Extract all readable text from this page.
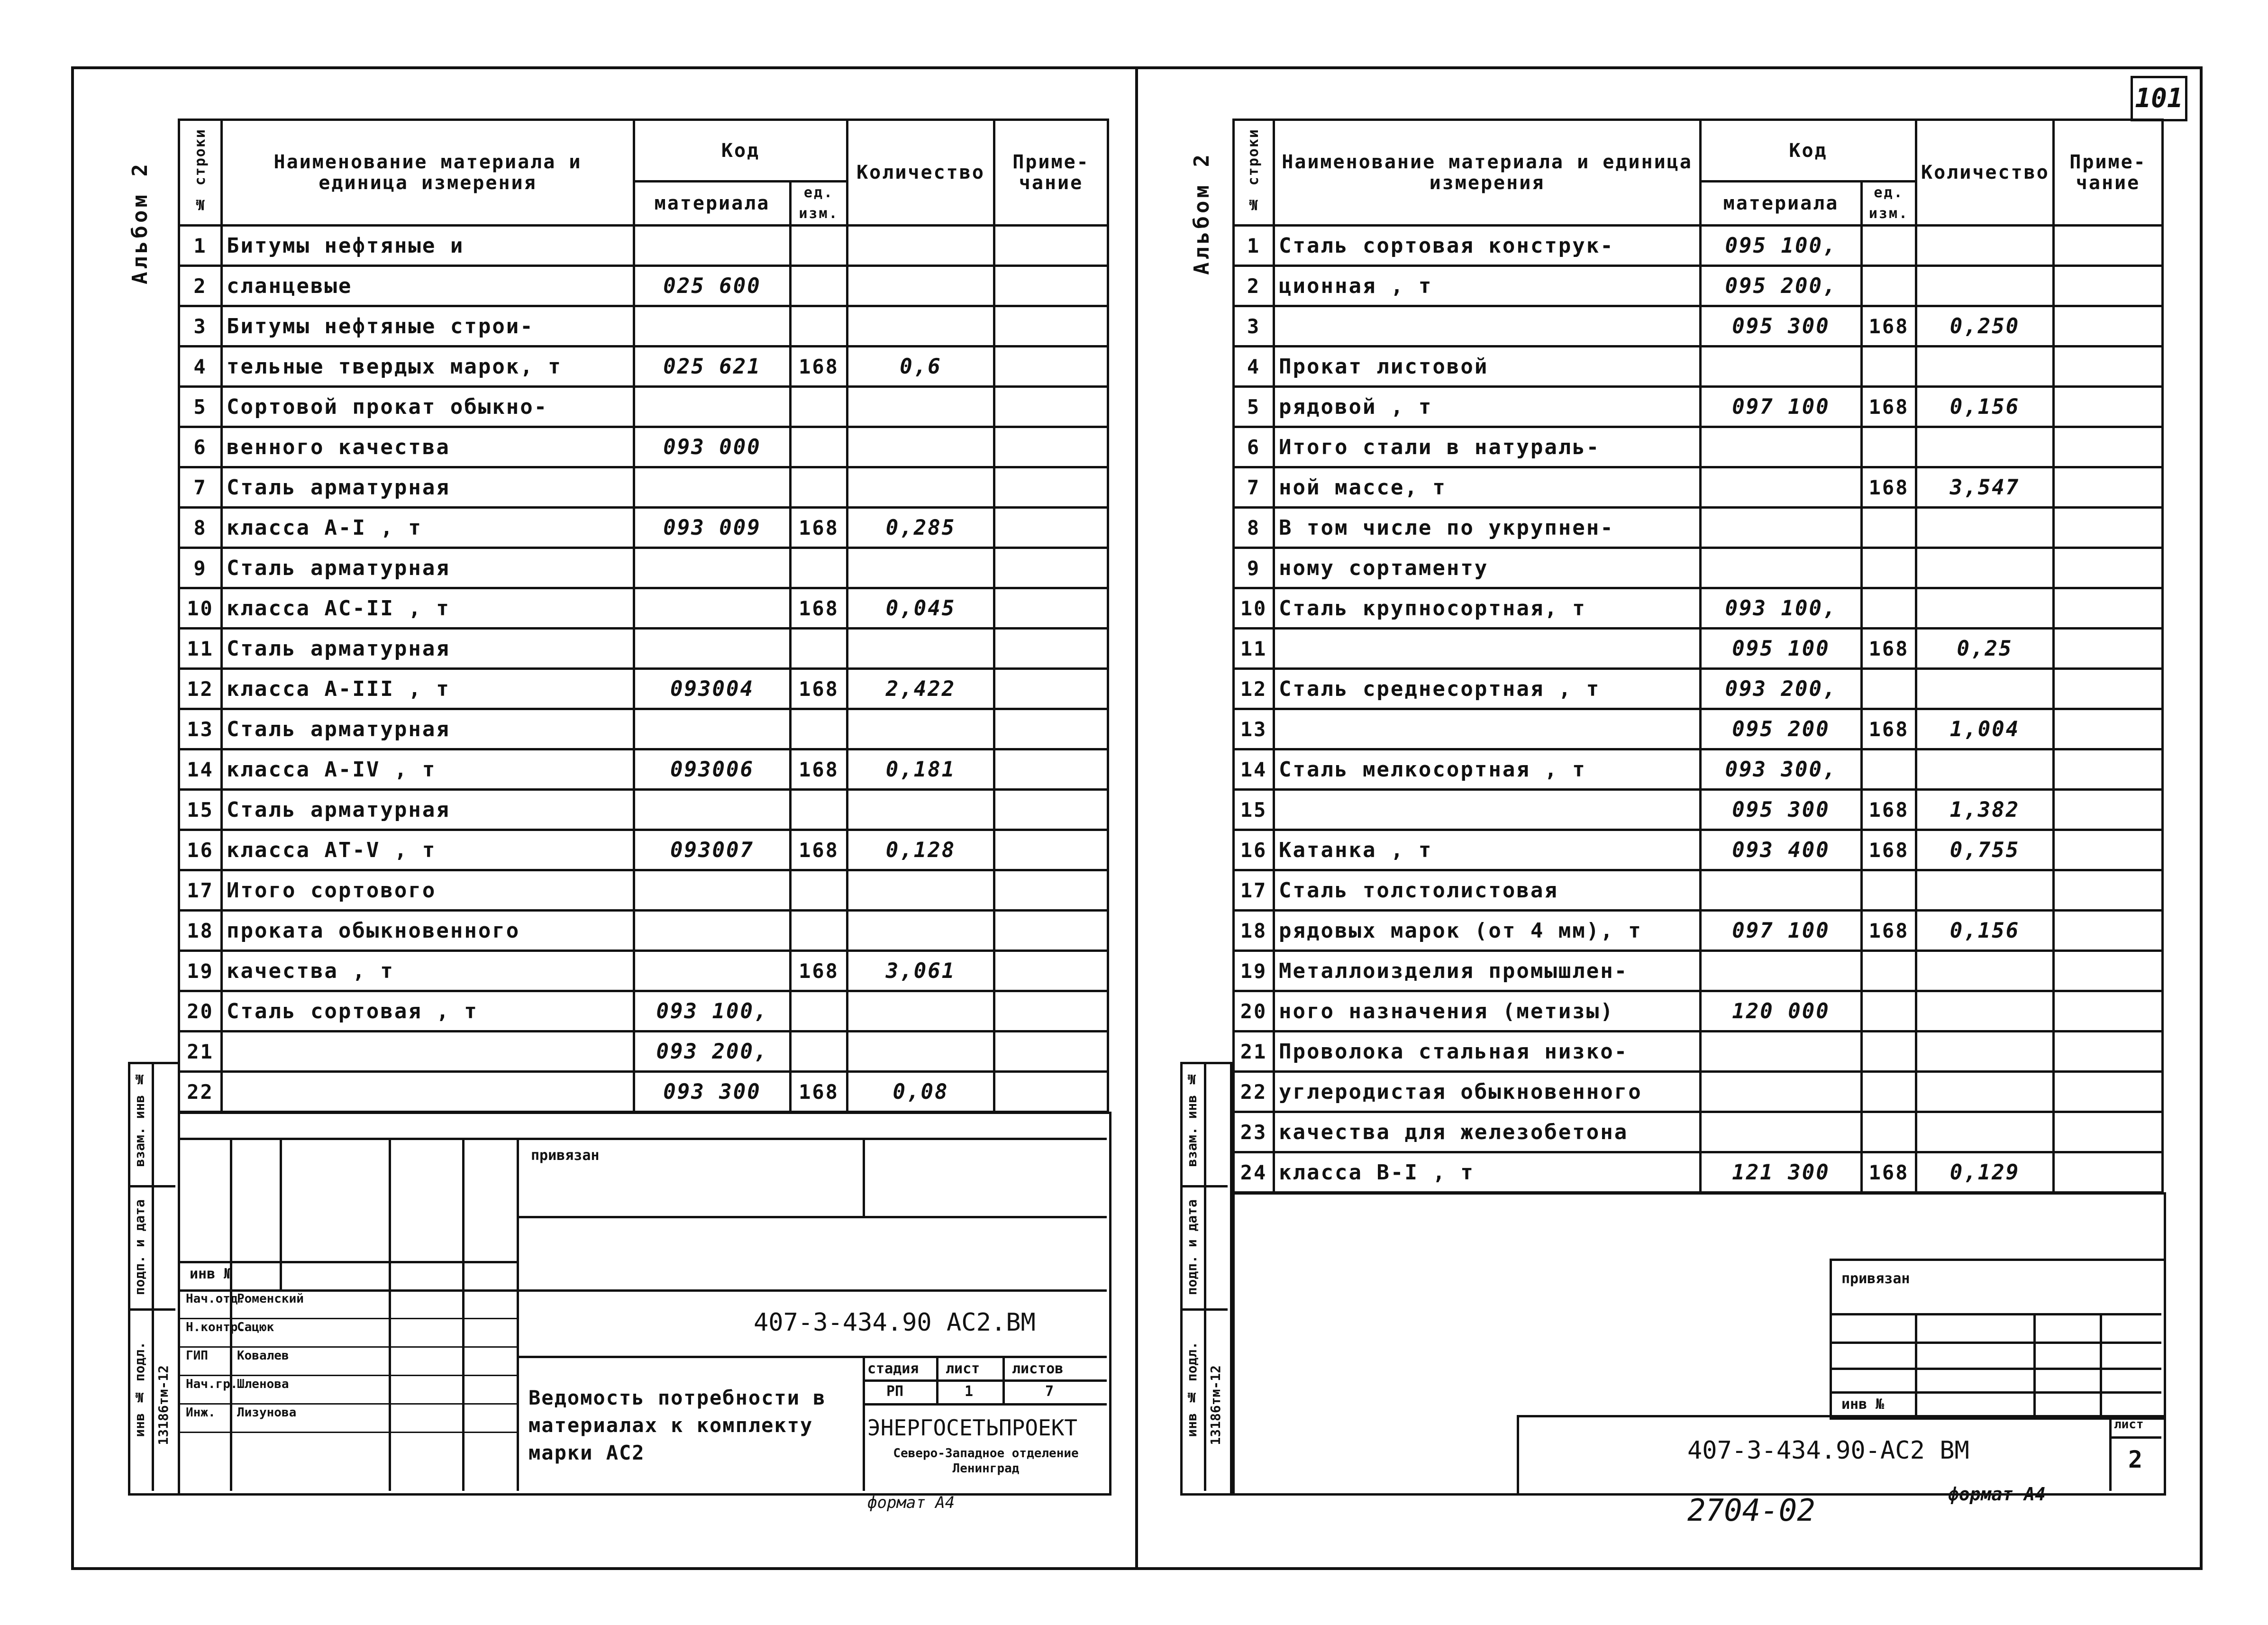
Альбом 2	№ строки	Наименование материала и единица измерения	Код		Количество	Приме-чание
		материала	ед. изм.		
1	Битумы нефтяные и				
2	сланцевые	025 600			
3	Битумы нефтяные строи-				
4	тельные твердых марок, т	025 621	168	0,6	
5	Сортовой прокат обыкно-				
6	венного качества	093 000			
7	Сталь арматурная				
8	класса А-I , т	093 009	168	0,285	
9	Сталь арматурная				
10	класса АС-II , т		168	0,045	
11	Сталь арматурная				
12	класса А-III , т	093004	168	2,422	
13	Сталь арматурная				
14	класса А-IV , т	093006	168	0,181	
15	Сталь арматурная				
16	класса АТ-V , т	093007	168	0,128	
17	Итого сортового				
18	проката обыкновенного				
19	качества , т		168	3,061	
20	Сталь сортовая , т	093 100,			
21		093 200,			
22		093 300	168	0,08	
привязан
инв №
407-3-434.90 АС2.ВМ
Нач.отд.
Роменский
Н.контр.
Сацюк
ГИП Ковалев
Нач.гр.
Шленова
Инж. Лизунова
Ведомость потребности в материалах к комплекту марки АС2
стадия лист листов
РП	1	7
ЭНЕРГОСЕТЬПРОЕКТ
Северо-Западное отделение Ленинград
формат А4
взам. инв №
подп. и дата
инв № подл. 13186тм-12
101
Альбом 2 № строки	Наименование материала и единица измерения	Код		Количество	Приме-чание
		материала	ед. изм.		
1	Сталь сортовая конструк-	095 100,			
2	ционная , т	095 200,			
3		095 300	168	0,250	
4	Прокат листовой				
5	рядовой , т	097 100	168	0,156	
6	Итого стали в натураль-				
7	ной массе, т		168	3,547	
8	В том числе по укрупнен-				
9	ному сортаменту				
10	Сталь крупносортная, т	093 100,			
11		095 100	168	0,25	
12	Сталь среднесортная , т	093 200,			
13		095 200	168	1,004	
14	Сталь мелкосортная , т	093 300,			
15		095 300	168	1,382	
16	Катанка , т	093 400	168	0,755	
17	Сталь толстолистовая				
18	рядовых марок (от 4 мм), т	097 100	168	0,156	
19	Металлоизделия промышлен-				
20	ного назначения (метизы)	120 000			
21	Проволока стальная низко-				
22	углеродистая обыкновенного				
23	качества для железобетона				
24	класса В-I , т	121 300	168	0,129	
привязан
инв №
407-3-434.90-АС2 ВМ
лист
2
2704-02	формат А4
взам. инв №
подп. и дата
инв № подл. 13186тм-12
